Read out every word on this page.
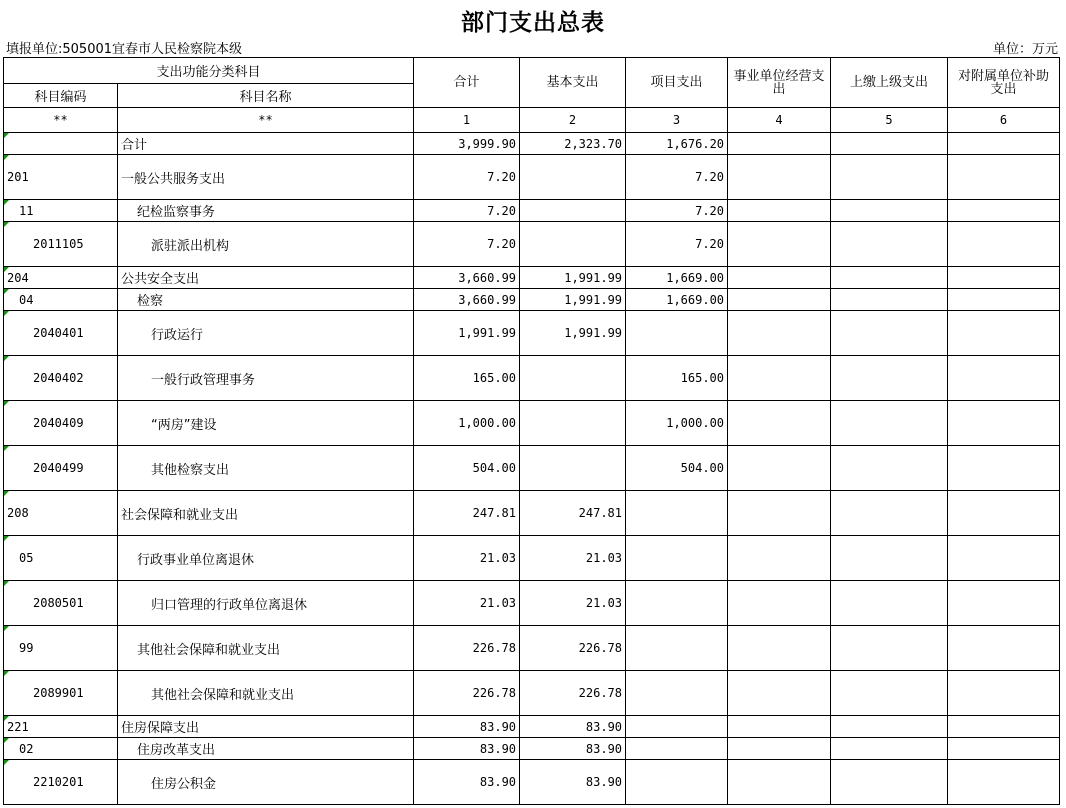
部门支出总表
填报单位:505001宜春市人民检察院本级	单位：万元
支出功能分类科目		合计	基本支出	项目支出	事业单位经营支出	上缴上级支出	对附属单位补助支出
科目编码	科目名称						
**	**	1	2	3	4	5	6
	合计	3,999.90	2,323.70	1,676.20			
201	一般公共服务支出	7.20		7.20			
11	纪检监察事务	7.20		7.20			
2011105	派驻派出机构	7.20		7.20			
204	公共安全支出	3,660.99	1,991.99	1,669.00			
04	检察	3,660.99	1,991.99	1,669.00			
2040401	行政运行	1,991.99	1,991.99				
2040402	一般行政管理事务	165.00		165.00			
2040409	“两房”建设	1,000.00		1,000.00			
2040499	其他检察支出	504.00		504.00			
208	社会保障和就业支出	247.81	247.81				
05	行政事业单位离退休	21.03	21.03				
2080501	归口管理的行政单位离退休	21.03	21.03				
99	其他社会保障和就业支出	226.78	226.78				
2089901	其他社会保障和就业支出	226.78	226.78				
221	住房保障支出	83.90	83.90				
02	住房改革支出	83.90	83.90				
2210201	住房公积金	83.90	83.90				
